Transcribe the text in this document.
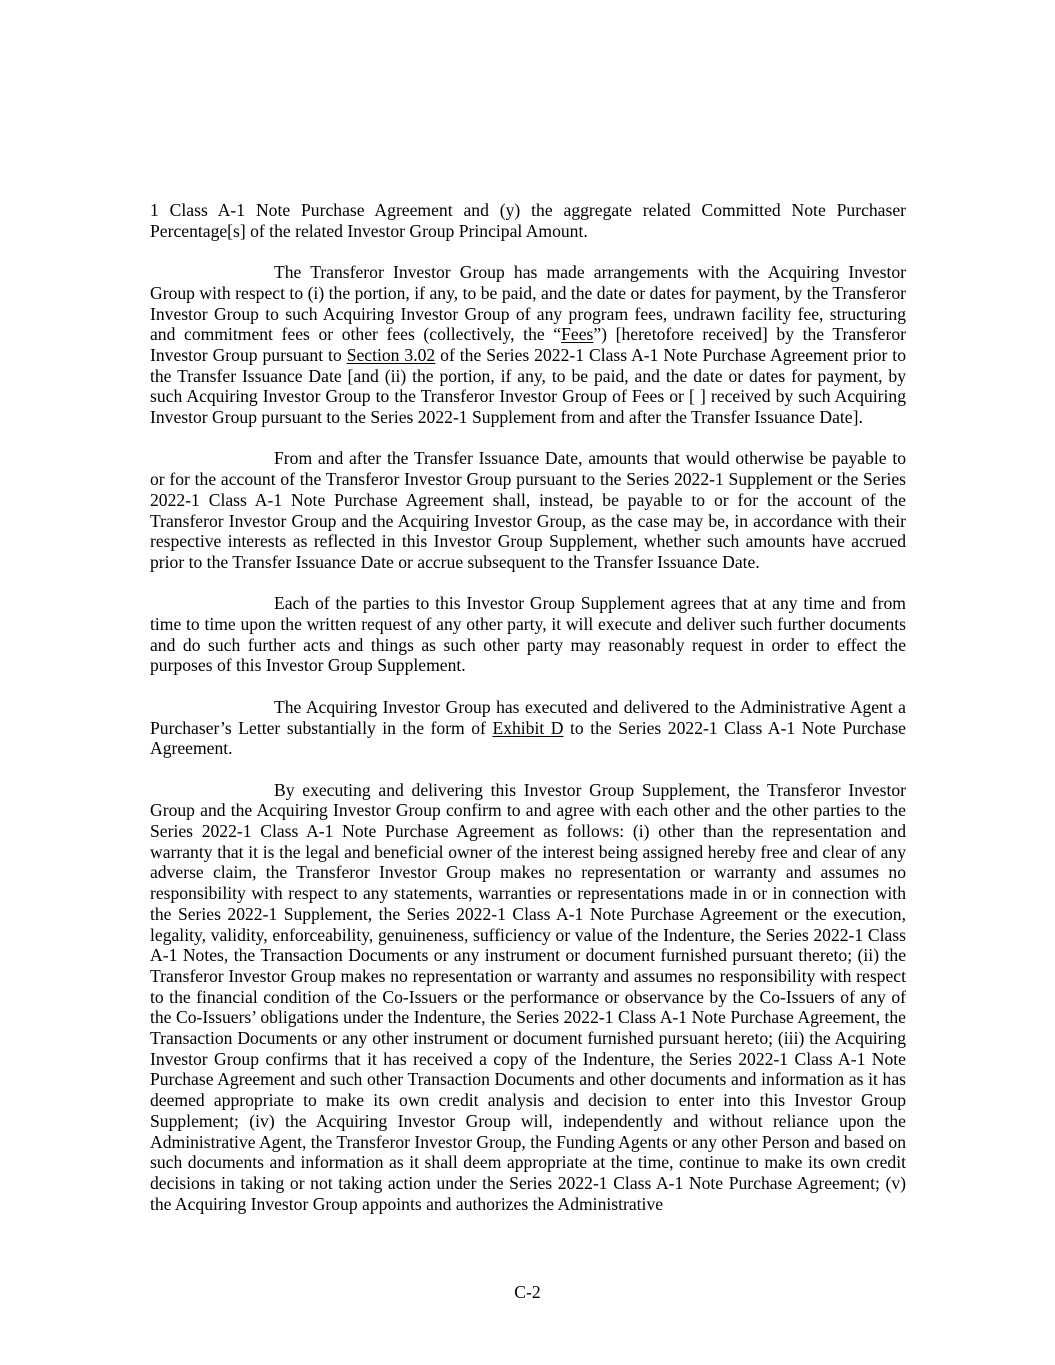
1 Class A-1 Note Purchase Agreement and (y) the aggregate related Committed Note Purchaser Percentage[s] of the related Investor Group Principal Amount.

The Transferor Investor Group has made arrangements with the Acquiring Investor Group with respect to (i) the portion, if any, to be paid, and the date or dates for payment, by the Transferor Investor Group to such Acquiring Investor Group of any program fees, undrawn facility fee, structuring and commitment fees or other fees (collectively, the “Fees”) [heretofore received] by the Transferor Investor Group pursuant to Section 3.02 of the Series 2022-1 Class A-1 Note Purchase Agreement prior to the Transfer Issuance Date [and (ii) the portion, if any, to be paid, and the date or dates for payment, by such Acquiring Investor Group to the Transferor Investor Group of Fees or [ ] received by such Acquiring Investor Group pursuant to the Series 2022-1 Supplement from and after the Transfer Issuance Date].

From and after the Transfer Issuance Date, amounts that would otherwise be payable to or for the account of the Transferor Investor Group pursuant to the Series 2022-1 Supplement or the Series 2022-1 Class A-1 Note Purchase Agreement shall, instead, be payable to or for the account of the Transferor Investor Group and the Acquiring Investor Group, as the case may be, in accordance with their respective interests as reflected in this Investor Group Supplement, whether such amounts have accrued prior to the Transfer Issuance Date or accrue subsequent to the Transfer Issuance Date.

Each of the parties to this Investor Group Supplement agrees that at any time and from time to time upon the written request of any other party, it will execute and deliver such further documents and do such further acts and things as such other party may reasonably request in order to effect the purposes of this Investor Group Supplement.

The Acquiring Investor Group has executed and delivered to the Administrative Agent a Purchaser’s Letter substantially in the form of Exhibit D to the Series 2022-1 Class A-1 Note Purchase Agreement.

By executing and delivering this Investor Group Supplement, the Transferor Investor Group and the Acquiring Investor Group confirm to and agree with each other and the other parties to the Series 2022-1 Class A-1 Note Purchase Agreement as follows: (i) other than the representation and warranty that it is the legal and beneficial owner of the interest being assigned hereby free and clear of any adverse claim, the Transferor Investor Group makes no representation or warranty and assumes no responsibility with respect to any statements, warranties or representations made in or in connection with the Series 2022-1 Supplement, the Series 2022-1 Class A-1 Note Purchase Agreement or the execution, legality, validity, enforceability, genuineness, sufficiency or value of the Indenture, the Series 2022-1 Class A-1 Notes, the Transaction Documents or any instrument or document furnished pursuant thereto; (ii) the Transferor Investor Group makes no representation or warranty and assumes no responsibility with respect to the financial condition of the Co-Issuers or the performance or observance by the Co-Issuers of any of the Co-Issuers’ obligations under the Indenture, the Series 2022-1 Class A-1 Note Purchase Agreement, the Transaction Documents or any other instrument or document furnished pursuant hereto; (iii) the Acquiring Investor Group confirms that it has received a copy of the Indenture, the Series 2022-1 Class A-1 Note Purchase Agreement and such other Transaction Documents and other documents and information as it has deemed appropriate to make its own credit analysis and decision to enter into this Investor Group Supplement; (iv) the Acquiring Investor Group will, independently and without reliance upon the Administrative Agent, the Transferor Investor Group, the Funding Agents or any other Person and based on such documents and information as it shall deem appropriate at the time, continue to make its own credit decisions in taking or not taking action under the Series 2022-1 Class A-1 Note Purchase Agreement; (v) the Acquiring Investor Group appoints and authorizes the Administrative

C-2
